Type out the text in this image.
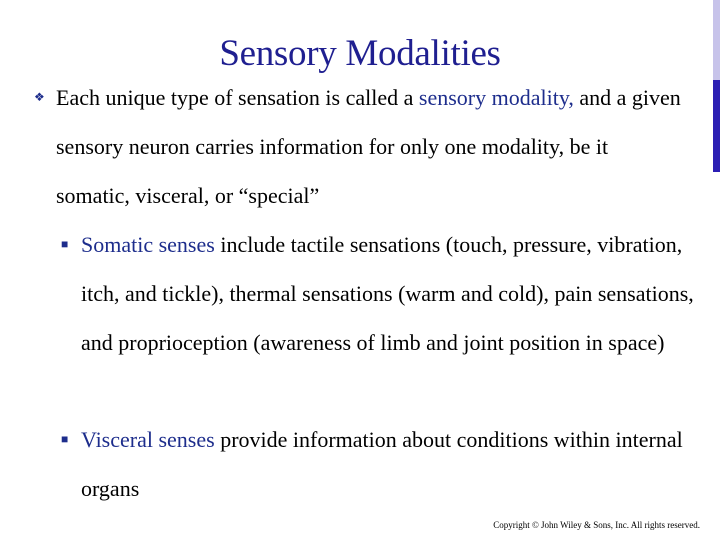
Sensory Modalities
❖ Each unique type of sensation is called a sensory modality, and a given sensory neuron carries information for only one modality, be it somatic, visceral, or “special”
■ Somatic senses include tactile sensations (touch, pressure, vibration, itch, and tickle), thermal sensations (warm and cold), pain sensations, and proprioception (awareness of limb and joint position in space)
■ Visceral senses provide information about conditions within internal organs
Copyright © John Wiley & Sons, Inc. All rights reserved.
